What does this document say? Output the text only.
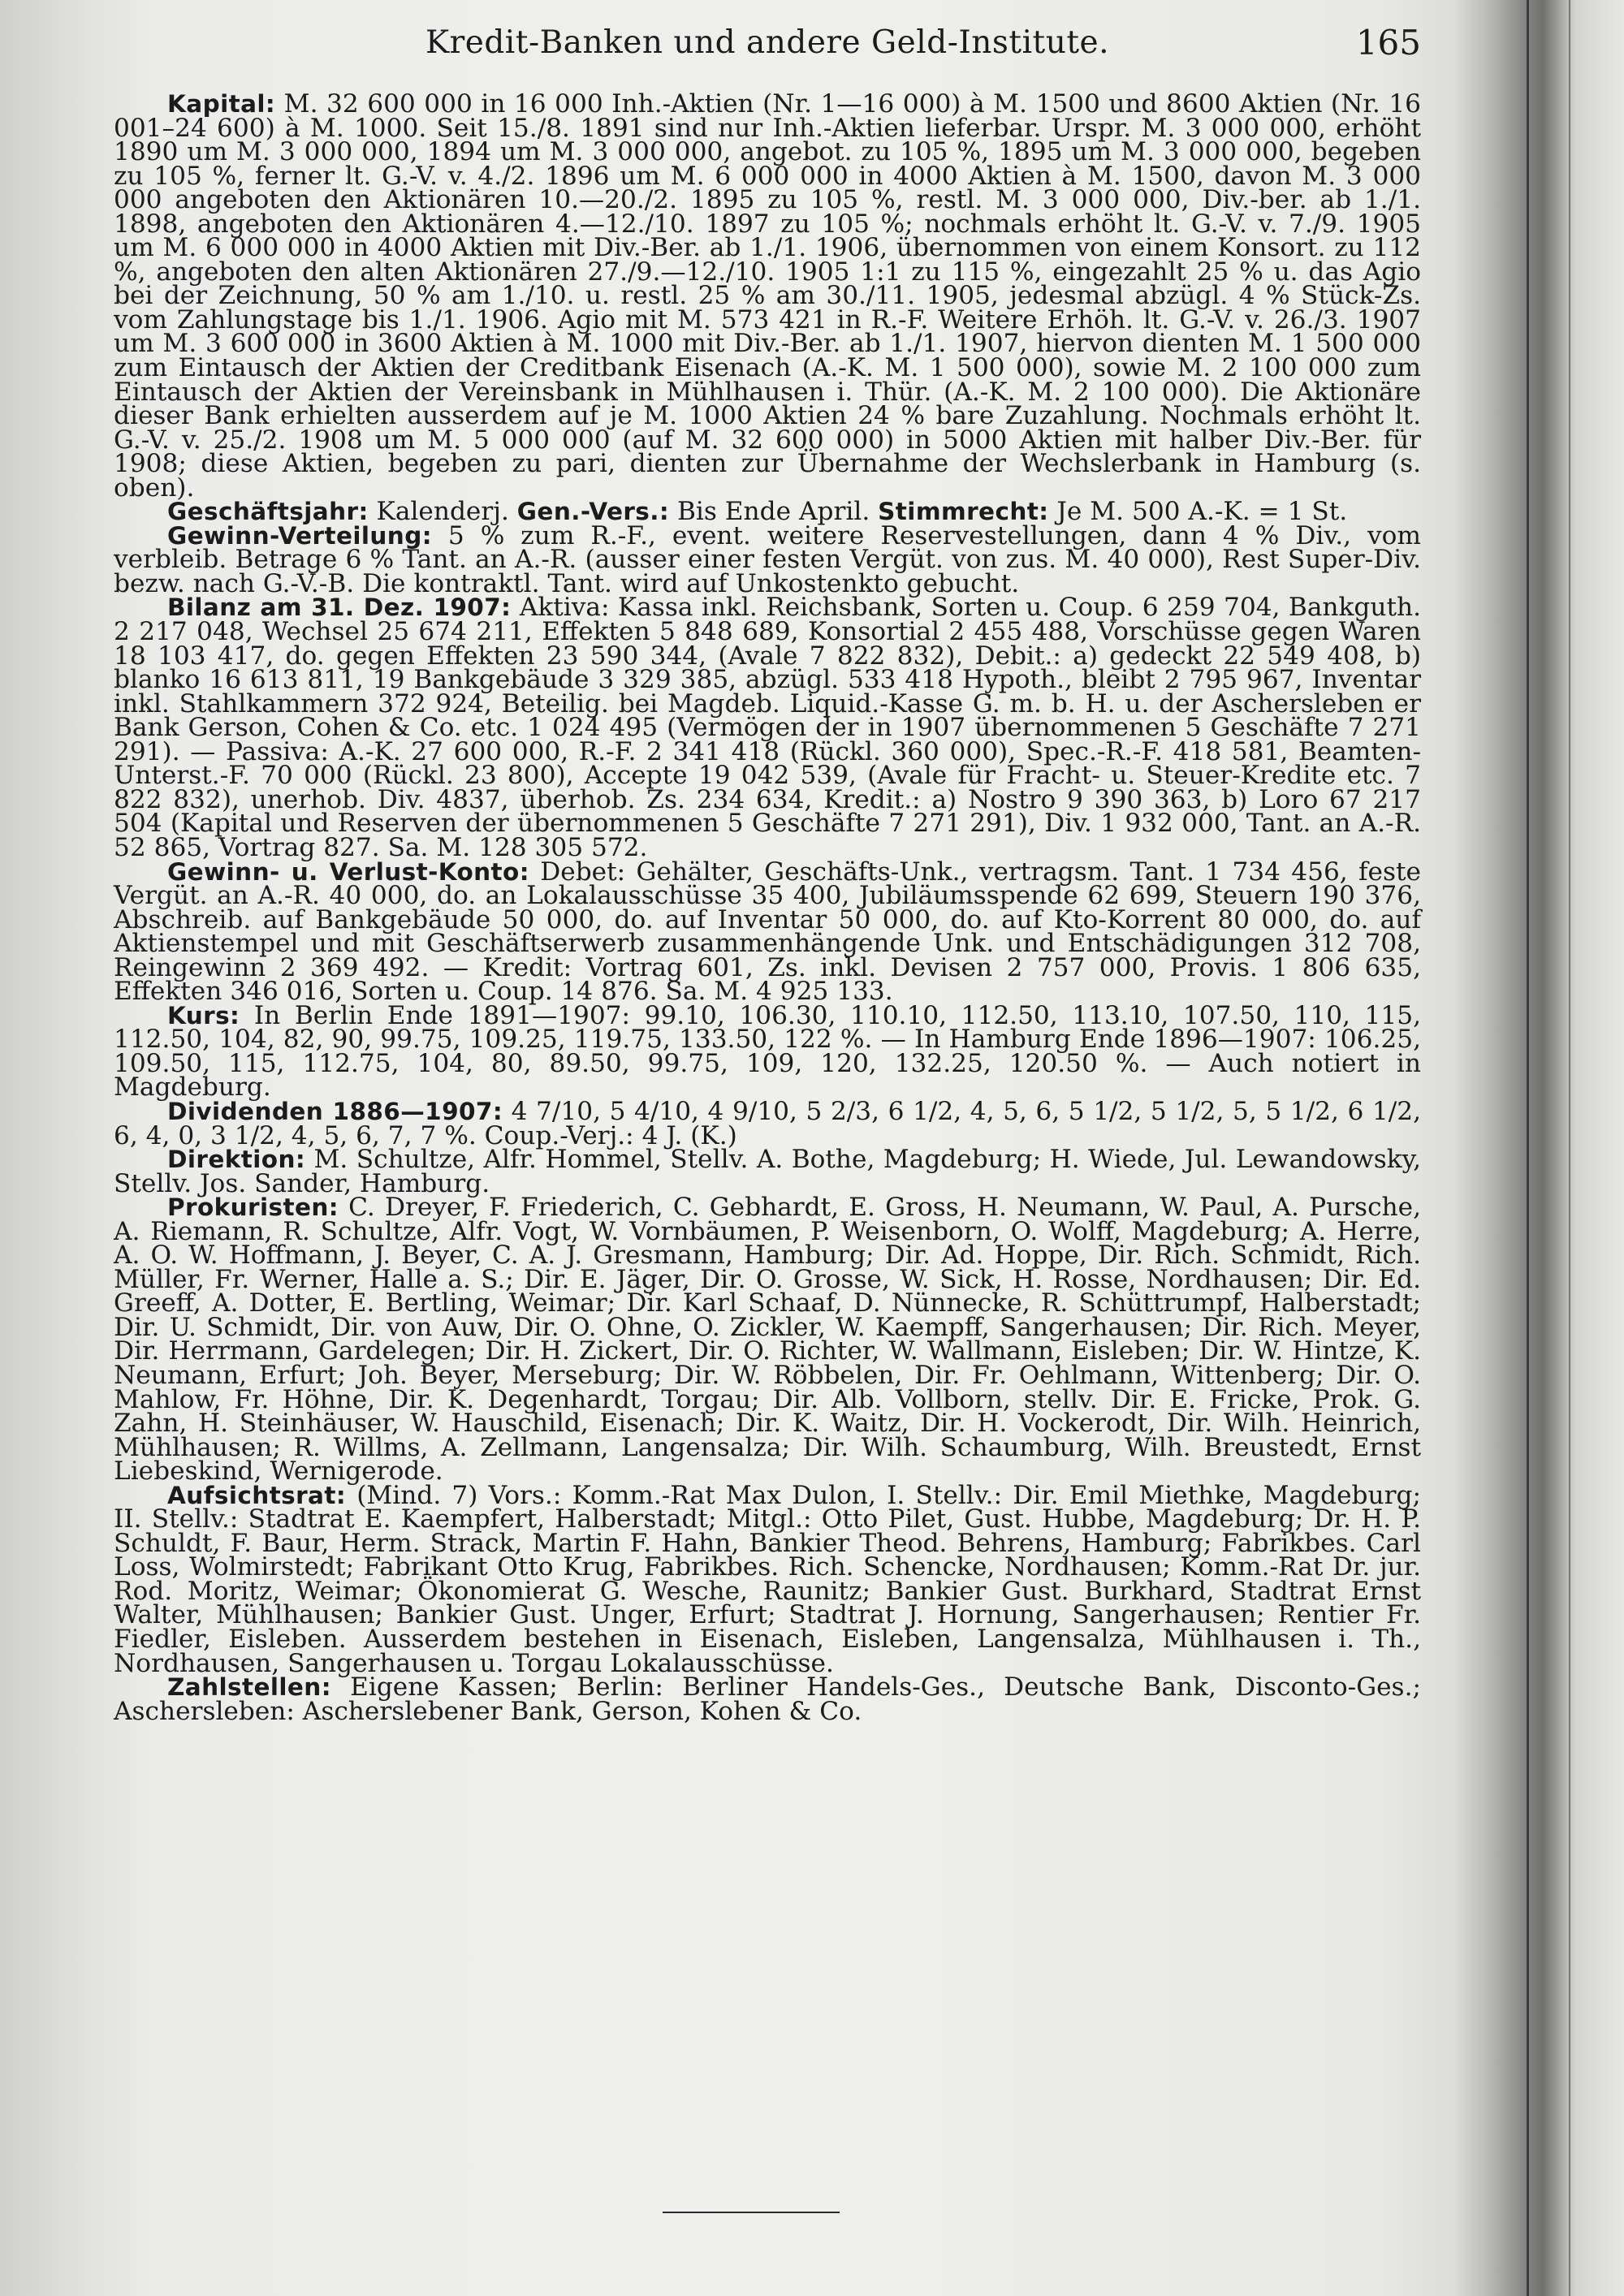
Kredit-Banken und andere Geld-Institute.	165

Kapital: M. 32 600 000 in 16 000 Inh.-Aktien (Nr. 1—16 000) à M. 1500 und 8600 Aktien (Nr. 16 001–24 600) à M. 1000. Seit 15./8. 1891 sind nur Inh.-Aktien lieferbar. Urspr. M. 3 000 000, erhöht 1890 um M. 3 000 000, 1894 um M. 3 000 000, angebot. zu 105 %, 1895 um M. 3 000 000, begeben zu 105 %, ferner lt. G.-V. v. 4./2. 1896 um M. 6 000 000 in 4000 Aktien à M. 1500, davon M. 3 000 000 angeboten den Aktionären 10.—20./2. 1895 zu 105 %, restl. M. 3 000 000, Div.-ber. ab 1./1. 1898, angeboten den Aktionären 4.—12./10. 1897 zu 105 %; nochmals erhöht lt. G.-V. v. 7./9. 1905 um M. 6 000 000 in 4000 Aktien mit Div.-Ber. ab 1./1. 1906, übernommen von einem Konsort. zu 112 %, angeboten den alten Aktionären 27./9.—12./10. 1905 1:1 zu 115 %, eingezahlt 25 % u. das Agio bei der Zeichnung, 50 % am 1./10. u. restl. 25 % am 30./11. 1905, jedesmal abzügl. 4 % Stück-Zs. vom Zahlungstage bis 1./1. 1906. Agio mit M. 573 421 in R.-F. Weitere Erhöh. lt. G.-V. v. 26./3. 1907 um M. 3 600 000 in 3600 Aktien à M. 1000 mit Div.-Ber. ab 1./1. 1907, hiervon dienten M. 1 500 000 zum Eintausch der Aktien der Creditbank Eisenach (A.-K. M. 1 500 000), sowie M. 2 100 000 zum Eintausch der Aktien der Vereinsbank in Mühlhausen i. Thür. (A.-K. M. 2 100 000). Die Aktionäre dieser Bank erhielten ausserdem auf je M. 1000 Aktien 24 % bare Zuzahlung. Nochmals erhöht lt. G.-V. v. 25./2. 1908 um M. 5 000 000 (auf M. 32 600 000) in 5000 Aktien mit halber Div.-Ber. für 1908; diese Aktien, begeben zu pari, dienten zur Übernahme der Wechslerbank in Hamburg (s. oben).

Geschäftsjahr: Kalenderj. Gen.-Vers.: Bis Ende April. Stimmrecht: Je M. 500 A.-K. = 1 St.

Gewinn-Verteilung: 5 % zum R.-F., event. weitere Reservestellungen, dann 4 % Div., vom verbleib. Betrage 6 % Tant. an A.-R. (ausser einer festen Vergüt. von zus. M. 40 000), Rest Super-Div. bezw. nach G.-V.-B. Die kontraktl. Tant. wird auf Unkostenkto gebucht.

Bilanz am 31. Dez. 1907: Aktiva: Kassa inkl. Reichsbank, Sorten u. Coup. 6 259 704, Bankguth. 2 217 048, Wechsel 25 674 211, Effekten 5 848 689, Konsortial 2 455 488, Vorschüsse gegen Waren 18 103 417, do. gegen Effekten 23 590 344, (Avale 7 822 832), Debit.: a) gedeckt 22 549 408, b) blanko 16 613 811, 19 Bankgebäude 3 329 385, abzügl. 533 418 Hypoth., bleibt 2 795 967, Inventar inkl. Stahlkammern 372 924, Beteilig. bei Magdeb. Liquid.-Kasse G. m. b. H. u. der Aschersleben er Bank Gerson, Cohen & Co. etc. 1 024 495 (Vermögen der in 1907 übernommenen 5 Geschäfte 7 271 291). — Passiva: A.-K. 27 600 000, R.-F. 2 341 418 (Rückl. 360 000), Spec.-R.-F. 418 581, Beamten-Unterst.-F. 70 000 (Rückl. 23 800), Accepte 19 042 539, (Avale für Fracht- u. Steuer-Kredite etc. 7 822 832), unerhob. Div. 4837, überhob. Zs. 234 634, Kredit.: a) Nostro 9 390 363, b) Loro 67 217 504 (Kapital und Reserven der übernommenen 5 Geschäfte 7 271 291), Div. 1 932 000, Tant. an A.-R. 52 865, Vortrag 827. Sa. M. 128 305 572.

Gewinn- u. Verlust-Konto: Debet: Gehälter, Geschäfts-Unk., vertragsm. Tant. 1 734 456, feste Vergüt. an A.-R. 40 000, do. an Lokalausschüsse 35 400, Jubiläumsspende 62 699, Steuern 190 376, Abschreib. auf Bankgebäude 50 000, do. auf Inventar 50 000, do. auf Kto-Korrent 80 000, do. auf Aktienstempel und mit Geschäftserwerb zusammenhängende Unk. und Entschädigungen 312 708, Reingewinn 2 369 492. — Kredit: Vortrag 601, Zs. inkl. Devisen 2 757 000, Provis. 1 806 635, Effekten 346 016, Sorten u. Coup. 14 876. Sa. M. 4 925 133.

Kurs: In Berlin Ende 1891—1907: 99.10, 106.30, 110.10, 112.50, 113.10, 107.50, 110, 115, 112.50, 104, 82, 90, 99.75, 109.25, 119.75, 133.50, 122 %. — In Hamburg Ende 1896—1907: 106.25, 109.50, 115, 112.75, 104, 80, 89.50, 99.75, 109, 120, 132.25, 120.50 %. — Auch notiert in Magdeburg.

Dividenden 1886—1907: 4 7/10, 5 4/10, 4 9/10, 5 2/3, 6 1/2, 4, 5, 6, 5 1/2, 5 1/2, 5, 5 1/2, 6 1/2, 6, 4, 0, 3 1/2, 4, 5, 6, 7, 7 %. Coup.-Verj.: 4 J. (K.)

Direktion: M. Schultze, Alfr. Hommel, Stellv. A. Bothe, Magdeburg; H. Wiede, Jul. Lewandowsky, Stellv. Jos. Sander, Hamburg.

Prokuristen: C. Dreyer, F. Friederich, C. Gebhardt, E. Gross, H. Neumann, W. Paul, A. Pursche, A. Riemann, R. Schultze, Alfr. Vogt, W. Vornbäumen, P. Weisenborn, O. Wolff, Magdeburg; A. Herre, A. O. W. Hoffmann, J. Beyer, C. A. J. Gresmann, Hamburg; Dir. Ad. Hoppe, Dir. Rich. Schmidt, Rich. Müller, Fr. Werner, Halle a. S.; Dir. E. Jäger, Dir. O. Grosse, W. Sick, H. Rosse, Nordhausen; Dir. Ed. Greeff, A. Dotter, E. Bertling, Weimar; Dir. Karl Schaaf, D. Nünnecke, R. Schüttrumpf, Halberstadt; Dir. U. Schmidt, Dir. von Auw, Dir. O. Ohne, O. Zickler, W. Kaempff, Sangerhausen; Dir. Rich. Meyer, Dir. Herrmann, Gardelegen; Dir. H. Zickert, Dir. O. Richter, W. Wallmann, Eisleben; Dir. W. Hintze, K. Neumann, Erfurt; Joh. Beyer, Merseburg; Dir. W. Röbbelen, Dir. Fr. Oehlmann, Wittenberg; Dir. O. Mahlow, Fr. Höhne, Dir. K. Degenhardt, Torgau; Dir. Alb. Vollborn, stellv. Dir. E. Fricke, Prok. G. Zahn, H. Steinhäuser, W. Hauschild, Eisenach; Dir. K. Waitz, Dir. H. Vockerodt, Dir. Wilh. Heinrich, Mühlhausen; R. Willms, A. Zellmann, Langensalza; Dir. Wilh. Schaumburg, Wilh. Breustedt, Ernst Liebeskind, Wernigerode.

Aufsichtsrat: (Mind. 7) Vors.: Komm.-Rat Max Dulon, I. Stellv.: Dir. Emil Miethke, Magdeburg; II. Stellv.: Stadtrat E. Kaempfert, Halberstadt; Mitgl.: Otto Pilet, Gust. Hubbe, Magdeburg; Dr. H. P. Schuldt, F. Baur, Herm. Strack, Martin F. Hahn, Bankier Theod. Behrens, Hamburg; Fabrikbes. Carl Loss, Wolmirstedt; Fabrikant Otto Krug, Fabrikbes. Rich. Schencke, Nordhausen; Komm.-Rat Dr. jur. Rod. Moritz, Weimar; Ökonomierat G. Wesche, Raunitz; Bankier Gust. Burkhard, Stadtrat Ernst Walter, Mühlhausen; Bankier Gust. Unger, Erfurt; Stadtrat J. Hornung, Sangerhausen; Rentier Fr. Fiedler, Eisleben. Ausserdem bestehen in Eisenach, Eisleben, Langensalza, Mühlhausen i. Th., Nordhausen, Sangerhausen u. Torgau Lokalausschüsse.

Zahlstellen: Eigene Kassen; Berlin: Berliner Handels-Ges., Deutsche Bank, Disconto-Ges.; Aschersleben: Ascherslebener Bank, Gerson, Kohen & Co.
